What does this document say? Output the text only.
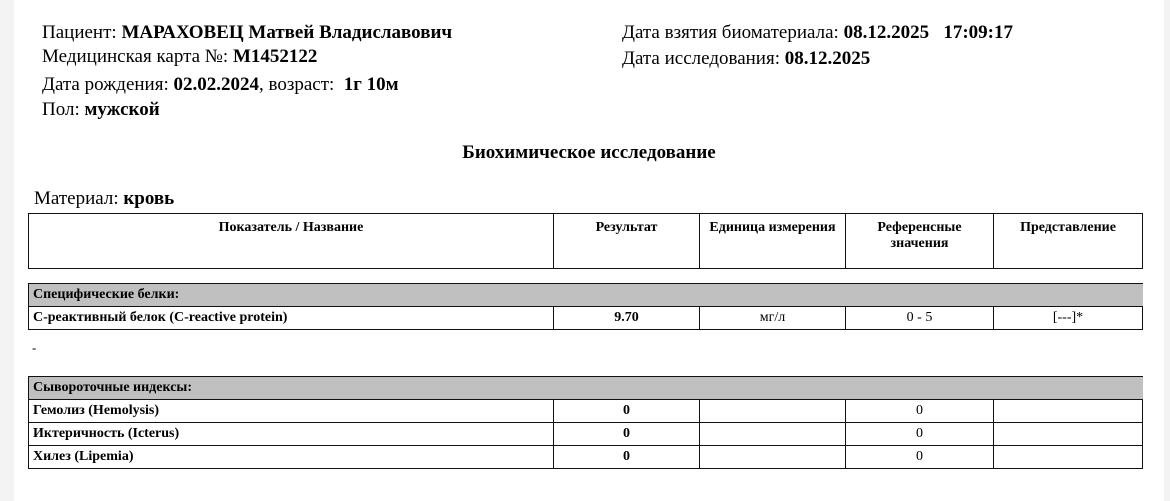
Пациент: МАРАХОВЕЦ Матвей Владиславович
Медицинская карта №: M1452122
Дата рождения: 02.02.2024, возраст: 1г 10м
Пол: мужской
Дата взятия биоматериала: 08.12.2025 17:09:17
Дата исследования: 08.12.2025
Биохимическое исследование
Материал: кровь
Показатель / Название	Результат	Единица измерения	Референсные значения	Представление
Специфические белки:
С-реактивный белок (C-reactive protein)	9.70	мг/л	0 - 5	[---]*
-
Сывороточные индексы:				
Гемолиз (Hemolysis)	0		0	
Иктеричность (Icterus)	0		0	
Хилез (Lipemia)	0		0	
